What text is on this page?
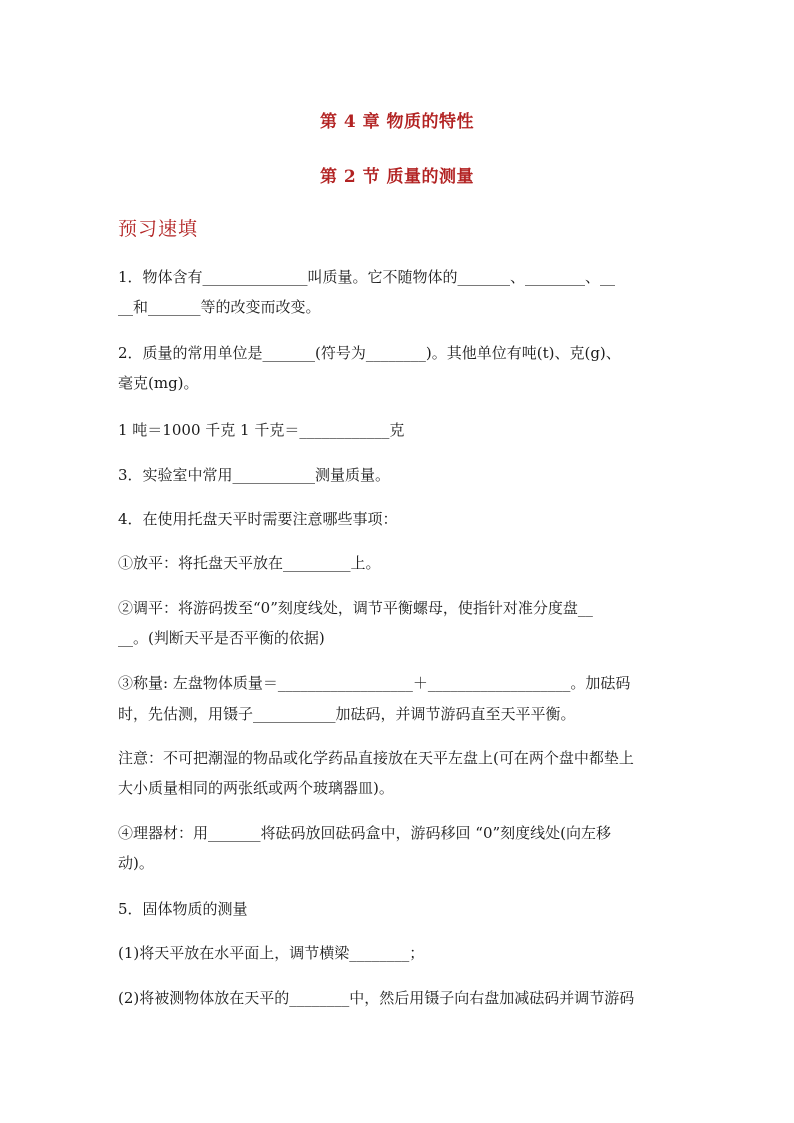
第 4 章 物质的特性
第 2 节 质量的测量
预习速填
1．物体含有______________叫质量。它不随物体的_______、________、__
__和_______等的改变而改变。
2．质量的常用单位是_______(符号为________)。其他单位有吨(t)、克(g)、
毫克(mg)。
1 吨＝1000 千克 1 千克＝____________克
3．实验室中常用___________测量质量。
4．在使用托盘天平时需要注意哪些事项：
①放平：将托盘天平放在_________上。
②调平：将游码拨至“0”刻度线处，调节平衡螺母，使指针对准分度盘__
__。(判断天平是否平衡的依据)
③称量: 左盘物体质量＝__________________＋___________________。加砝码
时，先估测，用镊子___________加砝码，并调节游码直至天平平衡。
注意：不可把潮湿的物品或化学药品直接放在天平左盘上(可在两个盘中都垫上
大小质量相同的两张纸或两个玻璃器皿)。
④理器材：用_______将砝码放回砝码盒中，游码移回 “0”刻度线处(向左移
动)。
5．固体物质的测量
(1)将天平放在水平面上，调节横梁________；
(2)将被测物体放在天平的________中，然后用镊子向右盘加减砝码并调节游码
